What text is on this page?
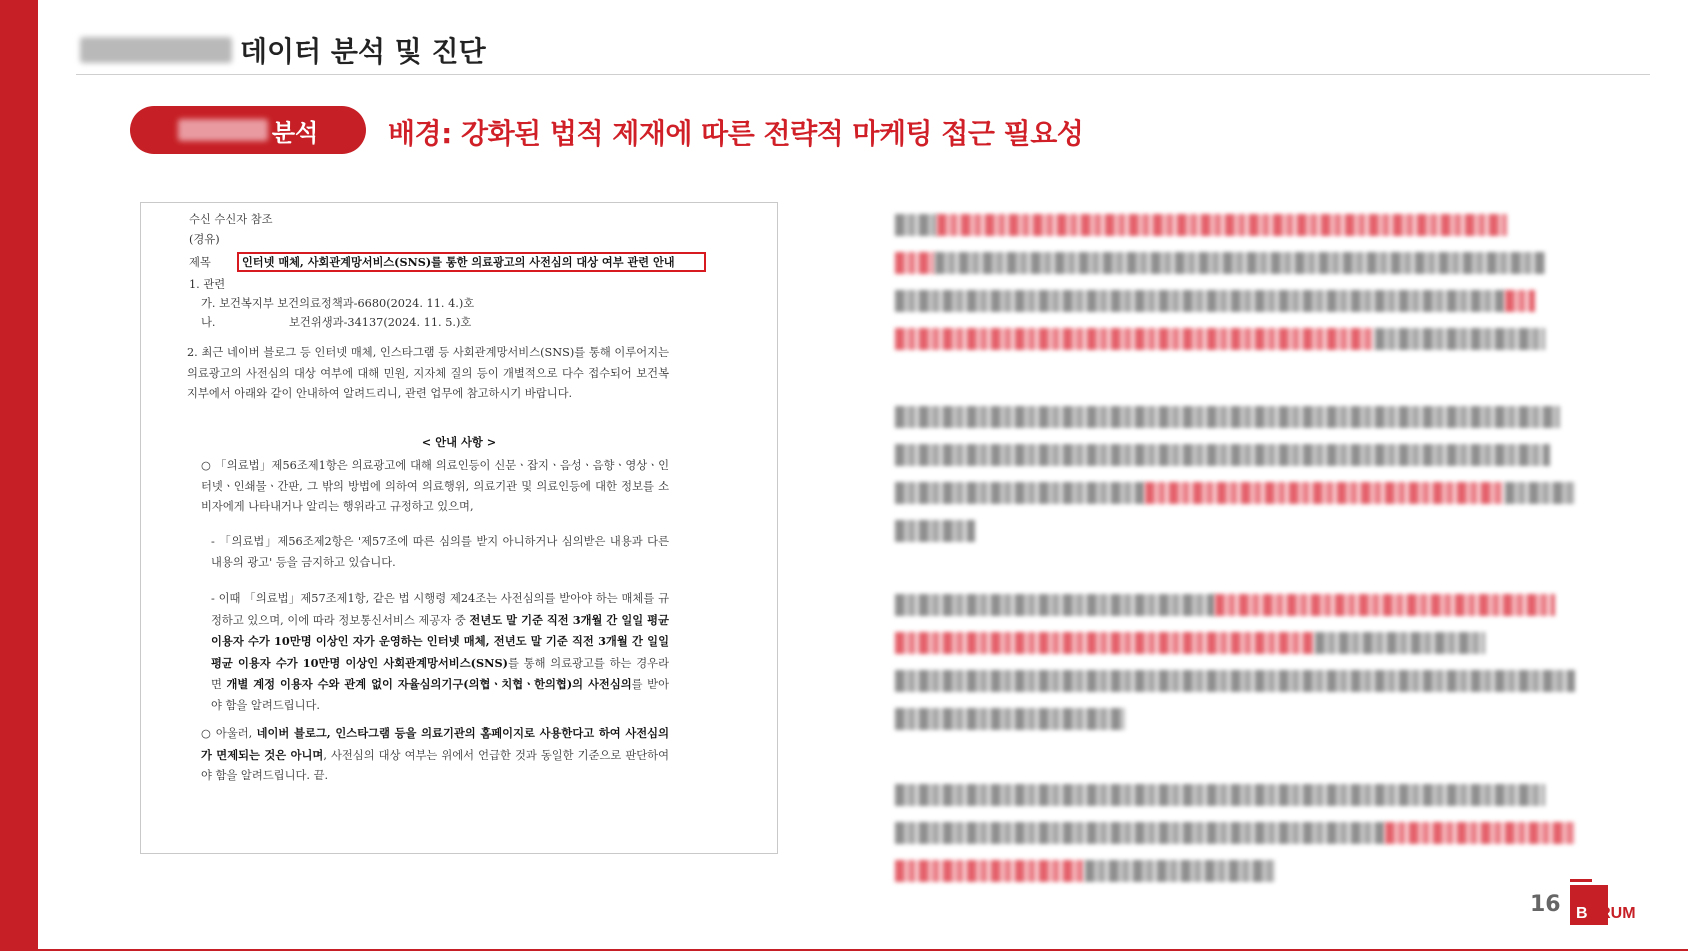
데이터 분석 및 진단
분석 배경: 강화된 법적 제재에 따른 전략적 마케팅 접근 필요성
수신 수신자 참조
(경유)
제목	인터넷 매체, 사회관계망서비스(SNS)를 통한 의료광고의 사전심의 대상 여부 관련 안내
1. 관련
가. 보건복지부 보건의료정책과-6680(2024. 11. 4.)호
나.	보건위생과-34137(2024. 11. 5.)호
2. 최근 네이버 블로그 등 인터넷 매체, 인스타그램 등 사회관계망서비스(SNS)를 통해 이루어지는 의료광고의 사전심의 대상 여부에 대해 민원, 지자체 질의 등이 개별적으로 다수 접수되어 보건복지부에서 아래와 같이 안내하여 알려드리니, 관련 업무에 참고하시기 바랍니다.
< 안내 사항 >
○ 「의료법」제56조제1항은 의료광고에 대해 의료인등이 신문ㆍ잡지ㆍ음성ㆍ음향ㆍ영상ㆍ인터넷ㆍ인쇄물ㆍ간판, 그 밖의 방법에 의하여 의료행위, 의료기관 및 의료인등에 대한 정보를 소비자에게 나타내거나 알리는 행위라고 규정하고 있으며,
- 「의료법」제56조제2항은 '제57조에 따른 심의를 받지 아니하거나 심의받은 내용과 다른 내용의 광고' 등을 금지하고 있습니다.
- 이때 「의료법」제57조제1항, 같은 법 시행령 제24조는 사전심의를 받아야 하는 매체를 규정하고 있으며, 이에 따라 정보통신서비스 제공자 중 전년도 말 기준 직전 3개월 간 일일 평균 이용자 수가 10만명 이상인 자가 운영하는 인터넷 매체, 전년도 말 기준 직전 3개월 간 일일 평균 이용자 수가 10만명 이상인 사회관계망서비스(SNS)를 통해 의료광고를 하는 경우라면 개별 계정 이용자 수와 관계 없이 자율심의기구(의협ㆍ치협ㆍ한의협)의 사전심의를 받아야 함을 알려드립니다.
○ 아울러, 네이버 블로그, 인스타그램 등을 의료기관의 홈페이지로 사용한다고 하여 사전심의가 면제되는 것은 아니며, 사전심의 대상 여부는 위에서 언급한 것과 동일한 기준으로 판단하여야 함을 알려드립니다. 끝.
16 BARUM
